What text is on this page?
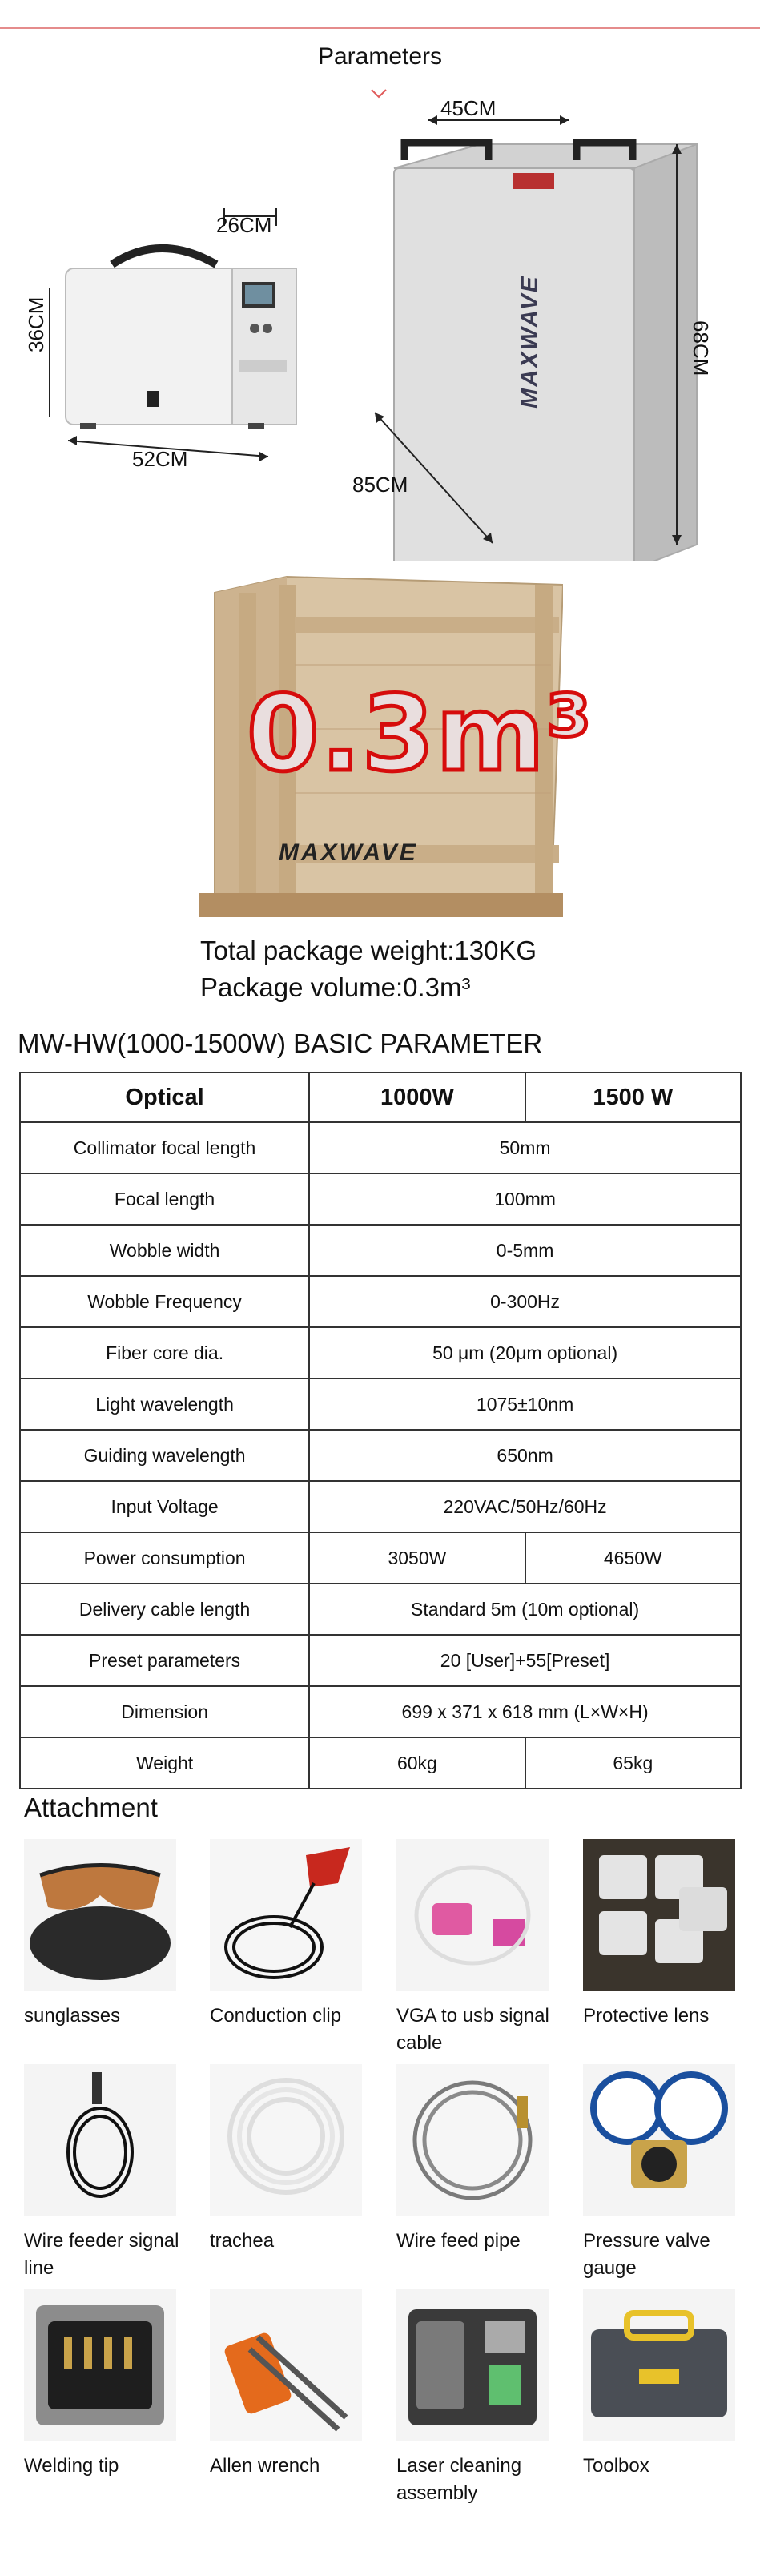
Parameters
26CM
36CM
52CM
45CM
68CM
85CM
MAXWAVE
0.3m³
MAXWAVE
Total package weight:130KG
Package volume:0.3m³
MW-HW(1000-1500W) BASIC PARAMETER
Optical	1000W	1500 W
Collimator focal length	50mm	
Focal length	100mm	
Wobble width	0-5mm	
Wobble Frequency	0-300Hz	
Fiber core dia.	50 μm (20μm optional)	
Light wavelength	1075±10nm	
Guiding wavelength	650nm	
Input Voltage	220VAC/50Hz/60Hz	
Power consumption	3050W	4650W
Delivery cable length	Standard 5m (10m optional)	
Preset parameters	20 [User]+55[Preset]	
Dimension	699 x 371 x 618 mm (L×W×H)	
Weight	60kg	65kg
Attachment
sunglasses	Conduction clip	VGA to usb signal cable
Protective lens
Wire feeder signal line
trachea	Wire feed pipe	Pressure valve gauge
Welding tip	Allen wrench	Laser cleaning assembly
Toolbox
